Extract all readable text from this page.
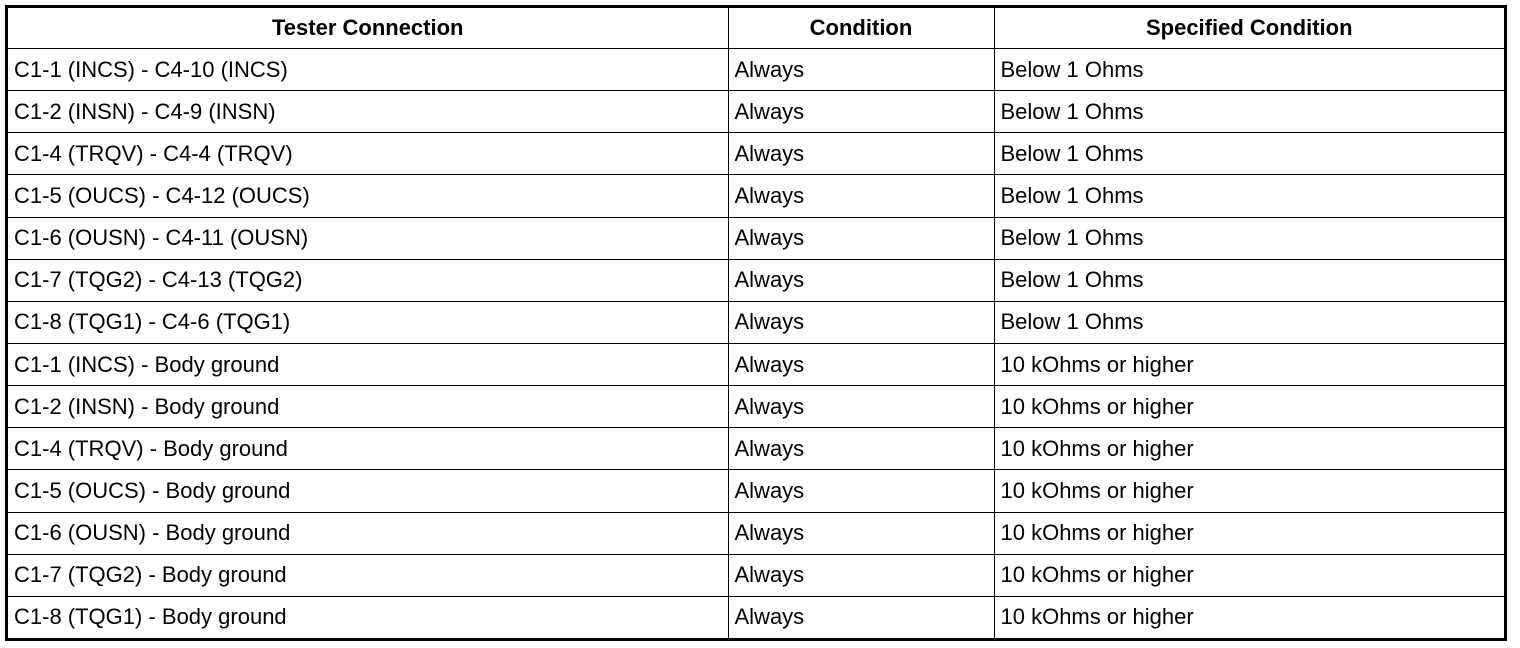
Tester Connection	Condition	Specified Condition
C1-1 (INCS) - C4-10 (INCS)	Always	Below 1 Ohms
C1-2 (INSN) - C4-9 (INSN)	Always	Below 1 Ohms
C1-4 (TRQV) - C4-4 (TRQV)	Always	Below 1 Ohms
C1-5 (OUCS) - C4-12 (OUCS)	Always	Below 1 Ohms
C1-6 (OUSN) - C4-11 (OUSN)	Always	Below 1 Ohms
C1-7 (TQG2) - C4-13 (TQG2)	Always	Below 1 Ohms
C1-8 (TQG1) - C4-6 (TQG1)	Always	Below 1 Ohms
C1-1 (INCS) - Body ground	Always	10 kOhms or higher
C1-2 (INSN) - Body ground	Always	10 kOhms or higher
C1-4 (TRQV) - Body ground	Always	10 kOhms or higher
C1-5 (OUCS) - Body ground	Always	10 kOhms or higher
C1-6 (OUSN) - Body ground	Always	10 kOhms or higher
C1-7 (TQG2) - Body ground	Always	10 kOhms or higher
C1-8 (TQG1) - Body ground	Always	10 kOhms or higher
